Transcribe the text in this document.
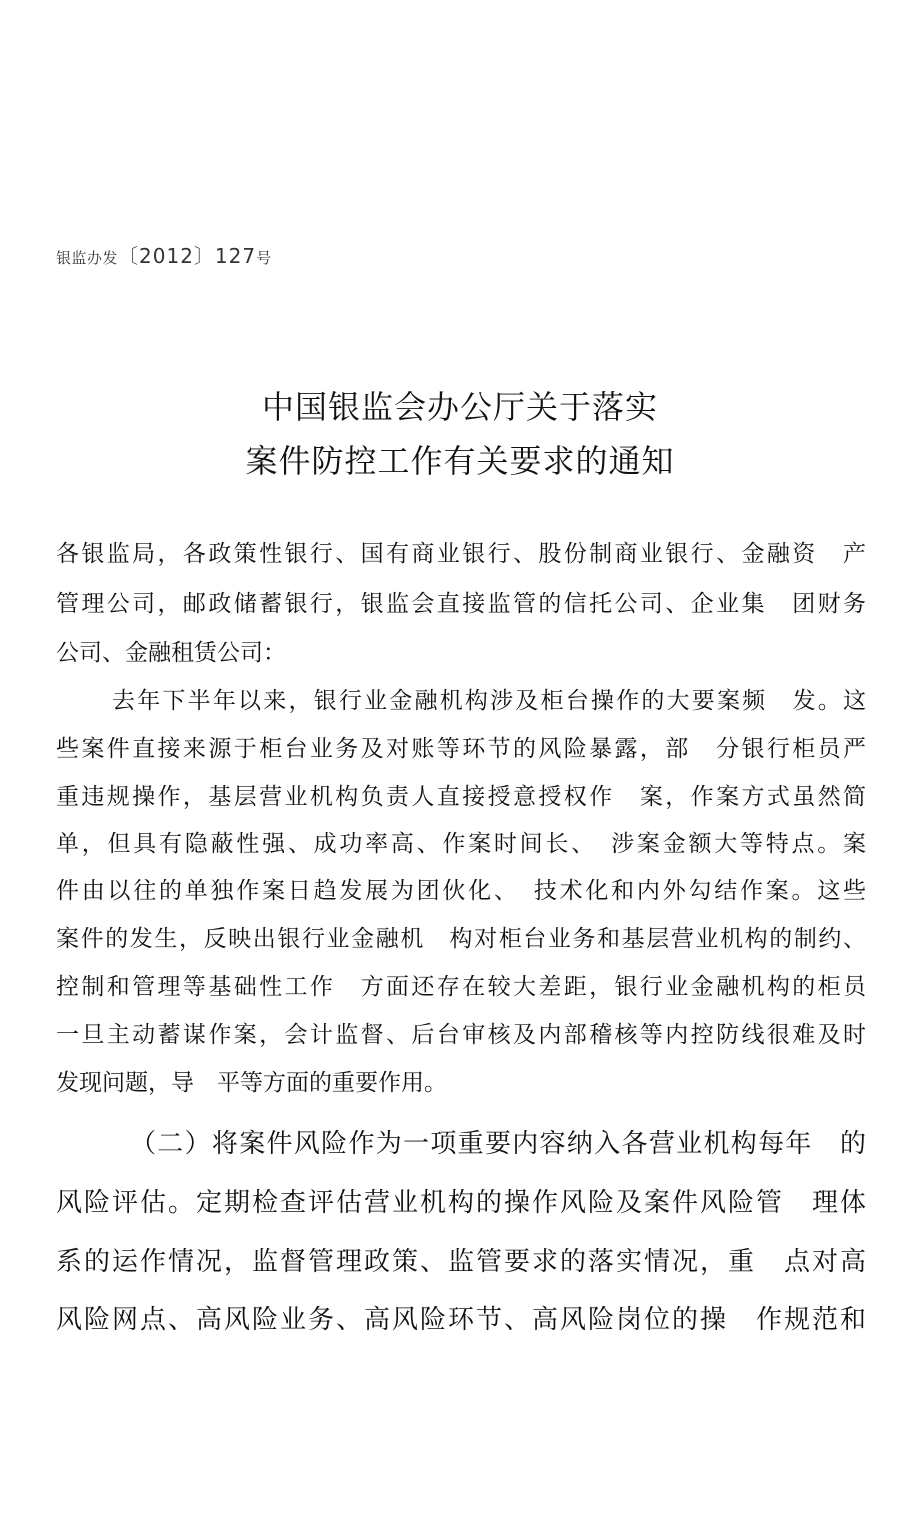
银监办发〔2012〕127号
中国银监会办公厅关于落实
案件防控工作有关要求的通知
各银监局，各政策性银行、国有商业银行、股份制商业银行、金融资　产
管理公司，邮政储蓄银行，银监会直接监管的信托公司、企业集　团财务
公司、金融租赁公司：
去年下半年以来，银行业金融机构涉及柜台操作的大要案频　发。这
些案件直接来源于柜台业务及对账等环节的风险暴露，部　分银行柜员严
重违规操作，基层营业机构负责人直接授意授权作　案，作案方式虽然简
单，但具有隐蔽性强、成功率高、作案时间长、　涉案金额大等特点。案
件由以往的单独作案日趋发展为团伙化、　技术化和内外勾结作案。这些
案件的发生，反映出银行业金融机　构对柜台业务和基层营业机构的制约、
控制和管理等基础性工作　方面还存在较大差距，银行业金融机构的柜员
一旦主动蓄谋作案，会计监督、后台审核及内部稽核等内控防线很难及时
发现问题，导　平等方面的重要作用。
（二）将案件风险作为一项重要内容纳入各营业机构每年　的
风险评估。定期检查评估营业机构的操作风险及案件风险管　理体
系的运作情况，监督管理政策、监管要求的落实情况，重　点对高
风险网点、高风险业务、高风险环节、高风险岗位的操　作规范和
